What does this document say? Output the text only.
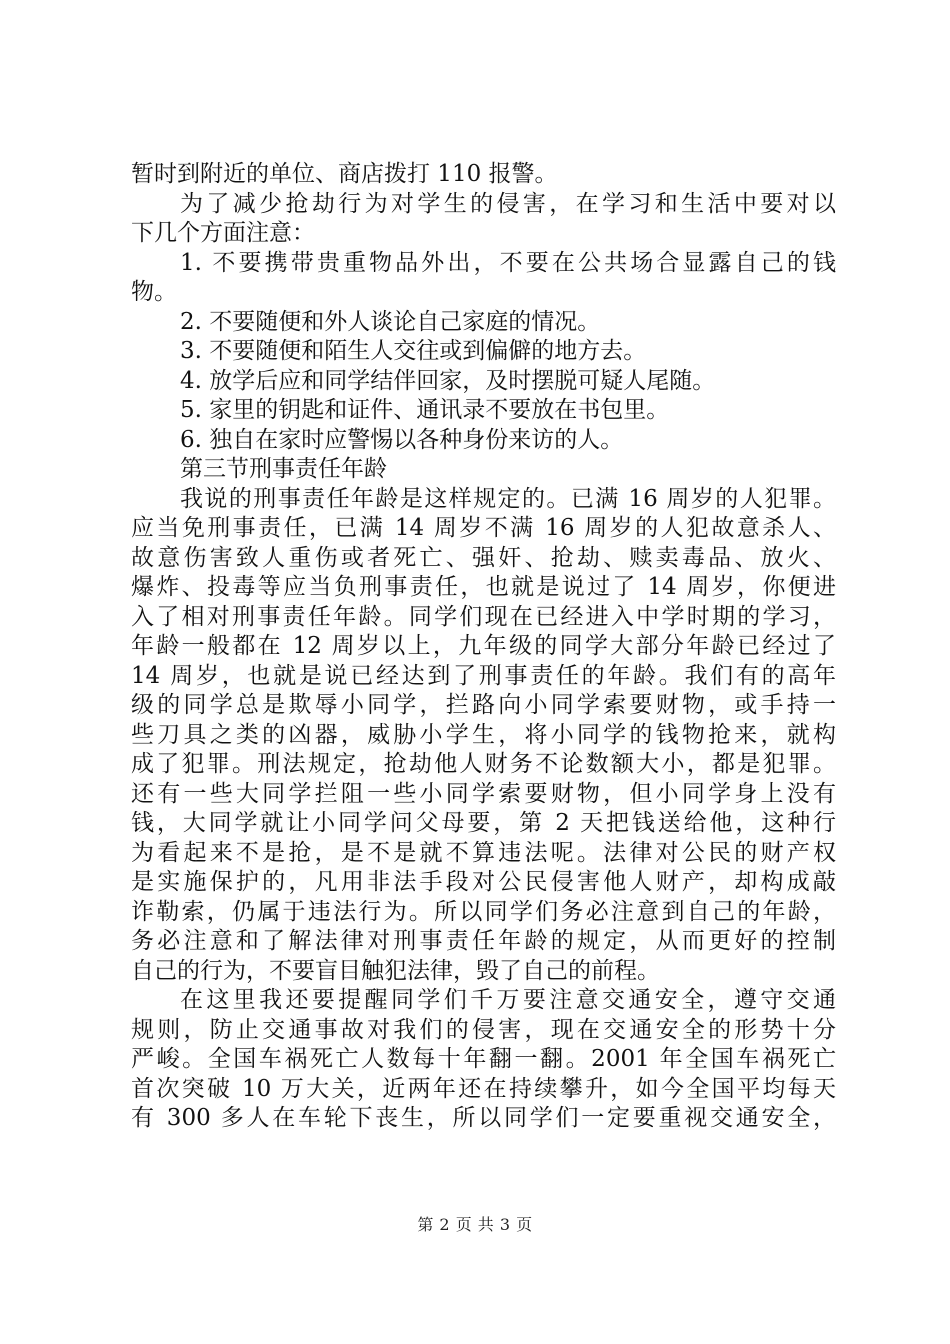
暂时到附近的单位、商店拨打 110 报警。
为了减少抢劫行为对学生的侵害，在学习和生活中要对以
下几个方面注意：
1. 不要携带贵重物品外出，不要在公共场合显露自己的钱
物。
2. 不要随便和外人谈论自己家庭的情况。
3. 不要随便和陌生人交往或到偏僻的地方去。
4. 放学后应和同学结伴回家，及时摆脱可疑人尾随。
5. 家里的钥匙和证件、通讯录不要放在书包里。
6. 独自在家时应警惕以各种身份来访的人。
第三节刑事责任年龄
我说的刑事责任年龄是这样规定的。已满 16 周岁的人犯罪。
应当免刑事责任，已满 14 周岁不满 16 周岁的人犯故意杀人、
故意伤害致人重伤或者死亡、强奸、抢劫、赎卖毒品、放火、
爆炸、投毒等应当负刑事责任，也就是说过了 14 周岁，你便进
入了相对刑事责任年龄。同学们现在已经进入中学时期的学习，
年龄一般都在 12 周岁以上，九年级的同学大部分年龄已经过了
14 周岁，也就是说已经达到了刑事责任的年龄。我们有的高年
级的同学总是欺辱小同学，拦路向小同学索要财物，或手持一
些刀具之类的凶器，威胁小学生，将小同学的钱物抢来，就构
成了犯罪。刑法规定，抢劫他人财务不论数额大小，都是犯罪。
还有一些大同学拦阻一些小同学索要财物，但小同学身上没有
钱，大同学就让小同学问父母要，第 2 天把钱送给他，这种行
为看起来不是抢，是不是就不算违法呢。法律对公民的财产权
是实施保护的，凡用非法手段对公民侵害他人财产，却构成敲
诈勒索，仍属于违法行为。所以同学们务必注意到自己的年龄，
务必注意和了解法律对刑事责任年龄的规定，从而更好的控制
自己的行为，不要盲目触犯法律，毁了自己的前程。
在这里我还要提醒同学们千万要注意交通安全，遵守交通
规则，防止交通事故对我们的侵害，现在交通安全的形势十分
严峻。全国车祸死亡人数每十年翻一翻。2001 年全国车祸死亡
首次突破 10 万大关，近两年还在持续攀升，如今全国平均每天
有 300 多人在车轮下丧生，所以同学们一定要重视交通安全，
第 2 页 共 3 页
